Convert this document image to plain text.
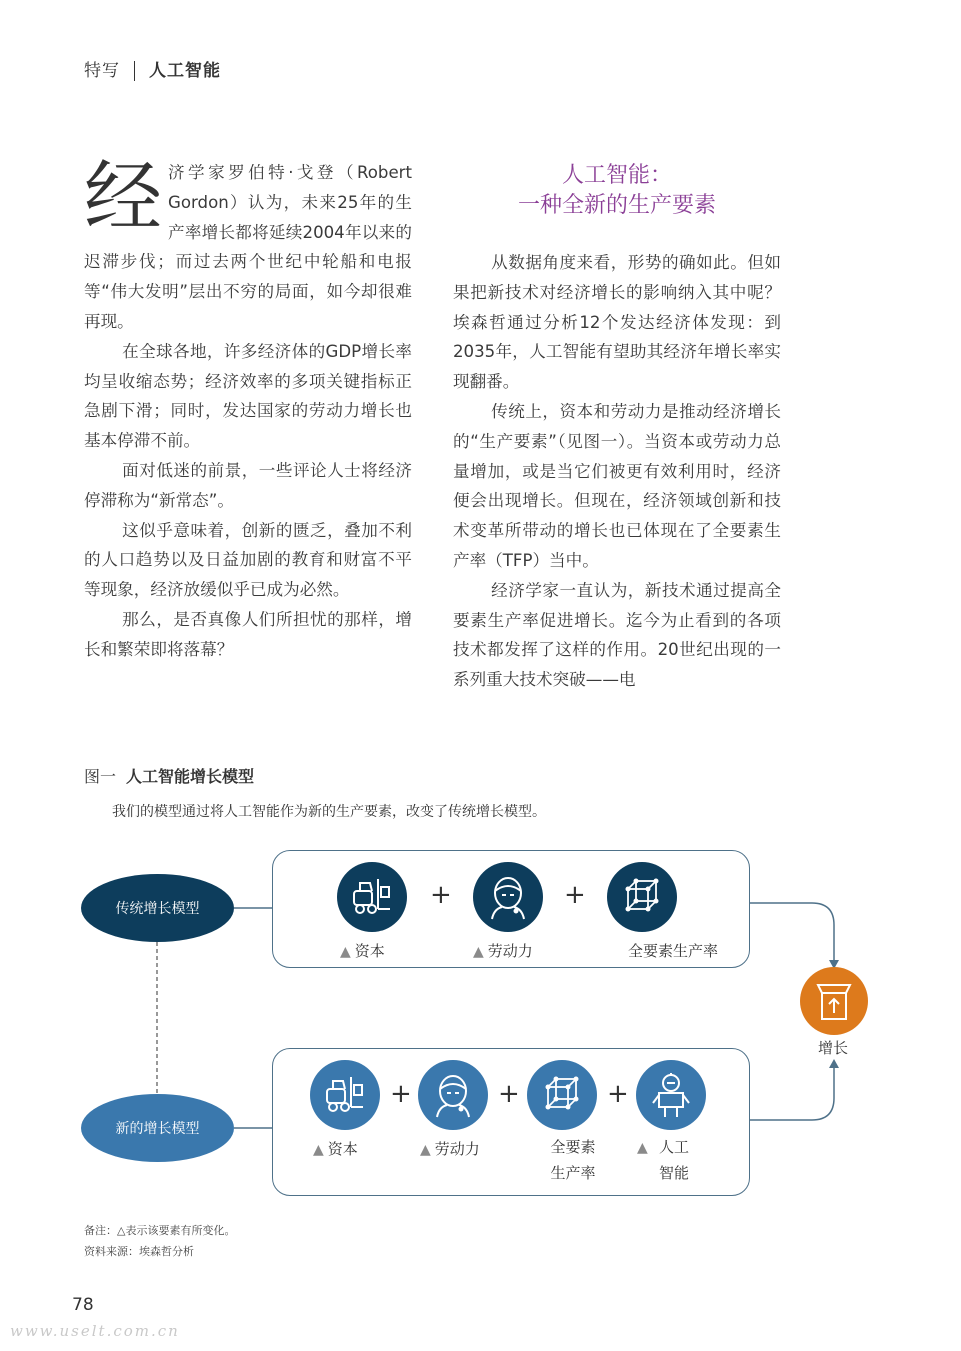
特写 人工智能

经济学家罗伯特·戈登（Robert Gordon）认为，未来25年的生产率增长都将延续2004年以来的迟滞步伐；而过去两个世纪中轮船和电报等“伟大发明”层出不穷的局面，如今却很难再现。

在全球各地，许多经济体的GDP增长率均呈收缩态势；经济效率的多项关键指标正急剧下滑；同时，发达国家的劳动力增长也基本停滞不前。

面对低迷的前景，一些评论人士将经济停滞称为“新常态”。

这似乎意味着，创新的匮乏，叠加不利的人口趋势以及日益加剧的教育和财富不平等现象，经济放缓似乎已成为必然。

那么，是否真像人们所担忧的那样，增长和繁荣即将落幕？

人工智能：
一种全新的生产要素

从数据角度来看，形势的确如此。但如果把新技术对经济增长的影响纳入其中呢？埃森哲通过分析12个发达经济体发现：到2035年，人工智能有望助其经济年增长率实现翻番。

传统上，资本和劳动力是推动经济增长的“生产要素”（见图一）。当资本或劳动力总量增加，或是当它们被更有效利用时，经济便会出现增长。但现在，经济领域创新和技术变革所带动的增长也已体现在了全要素生产率（TFP）当中。

经济学家一直认为，新技术通过提高全要素生产率促进增长。迄今为止看到的各项技术都发挥了这样的作用。20世纪出现的一系列重大技术突破——电

图一 人工智能增长模型
我们的模型通过将人工智能作为新的生产要素，改变了传统增长模型。
传统增长模型	+	+
▲ 资本	▲ 劳动力	全要素生产率
增长
新的增长模型
+	+	+
▲ 资本	▲ 劳动力	全要素
生产率
▲ 人工
智能
备注：△表示该要素有所变化。
资料来源：埃森哲分析
78
www.uselt.com.cn
